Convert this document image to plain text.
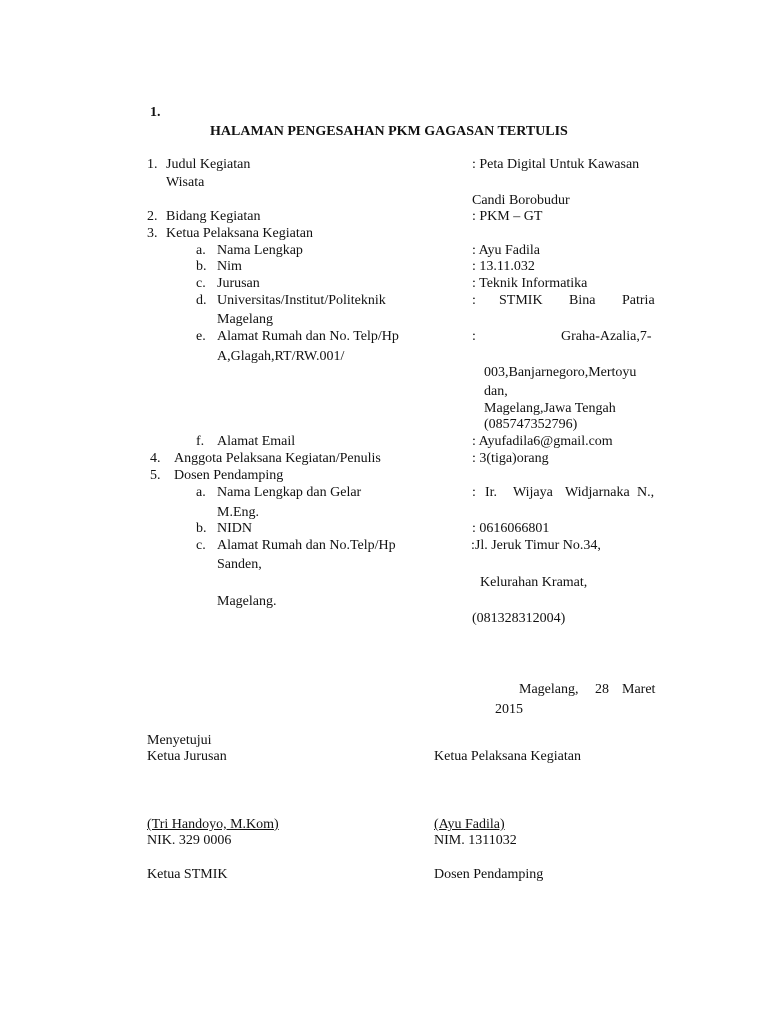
1.
HALAMAN PENGESAHAN PKM GAGASAN TERTULIS
1. Judul Kegiatan	: Peta Digital Untuk Kawasan
Wisata
Candi Borobudur
2. Bidang Kegiatan	: PKM – GT
3. Ketua Pelaksana Kegiatan
a. Nama Lengkap	: Ayu Fadila
b. Nim	: 13.11.032
c. Jurusan	: Teknik Informatika
d. Universitas/Institut/Politeknik	: STMIK Bina Patria
Magelang
e. Alamat Rumah dan No. Telp/Hp	:	Graha-Azalia,7-
A,Glagah,RT/RW.001/
003,Banjarnegoro,Mertoyu
dan,
Magelang,Jawa Tengah
(085747352796)
f. Alamat Email	: Ayufadila6@gmail.com
4. Anggota Pelaksana Kegiatan/Penulis	: 3(tiga)orang
5. Dosen Pendamping
a. Nama Lengkap dan Gelar	: Ir. Wijaya Widjarnaka N.,
M.Eng.
b. NIDN	: 0616066801
c. Alamat Rumah dan No.Telp/Hp	:Jl. Jeruk Timur No.34,
Sanden,
Kelurahan Kramat,
Magelang.
(081328312004)
Magelang, 28 Maret
2015
Menyetujui
Ketua Jurusan	Ketua Pelaksana Kegiatan
(Tri Handoyo, M.Kom)	(Ayu Fadila)
NIK. 329 0006	NIM. 1311032
Ketua STMIK	Dosen Pendamping
